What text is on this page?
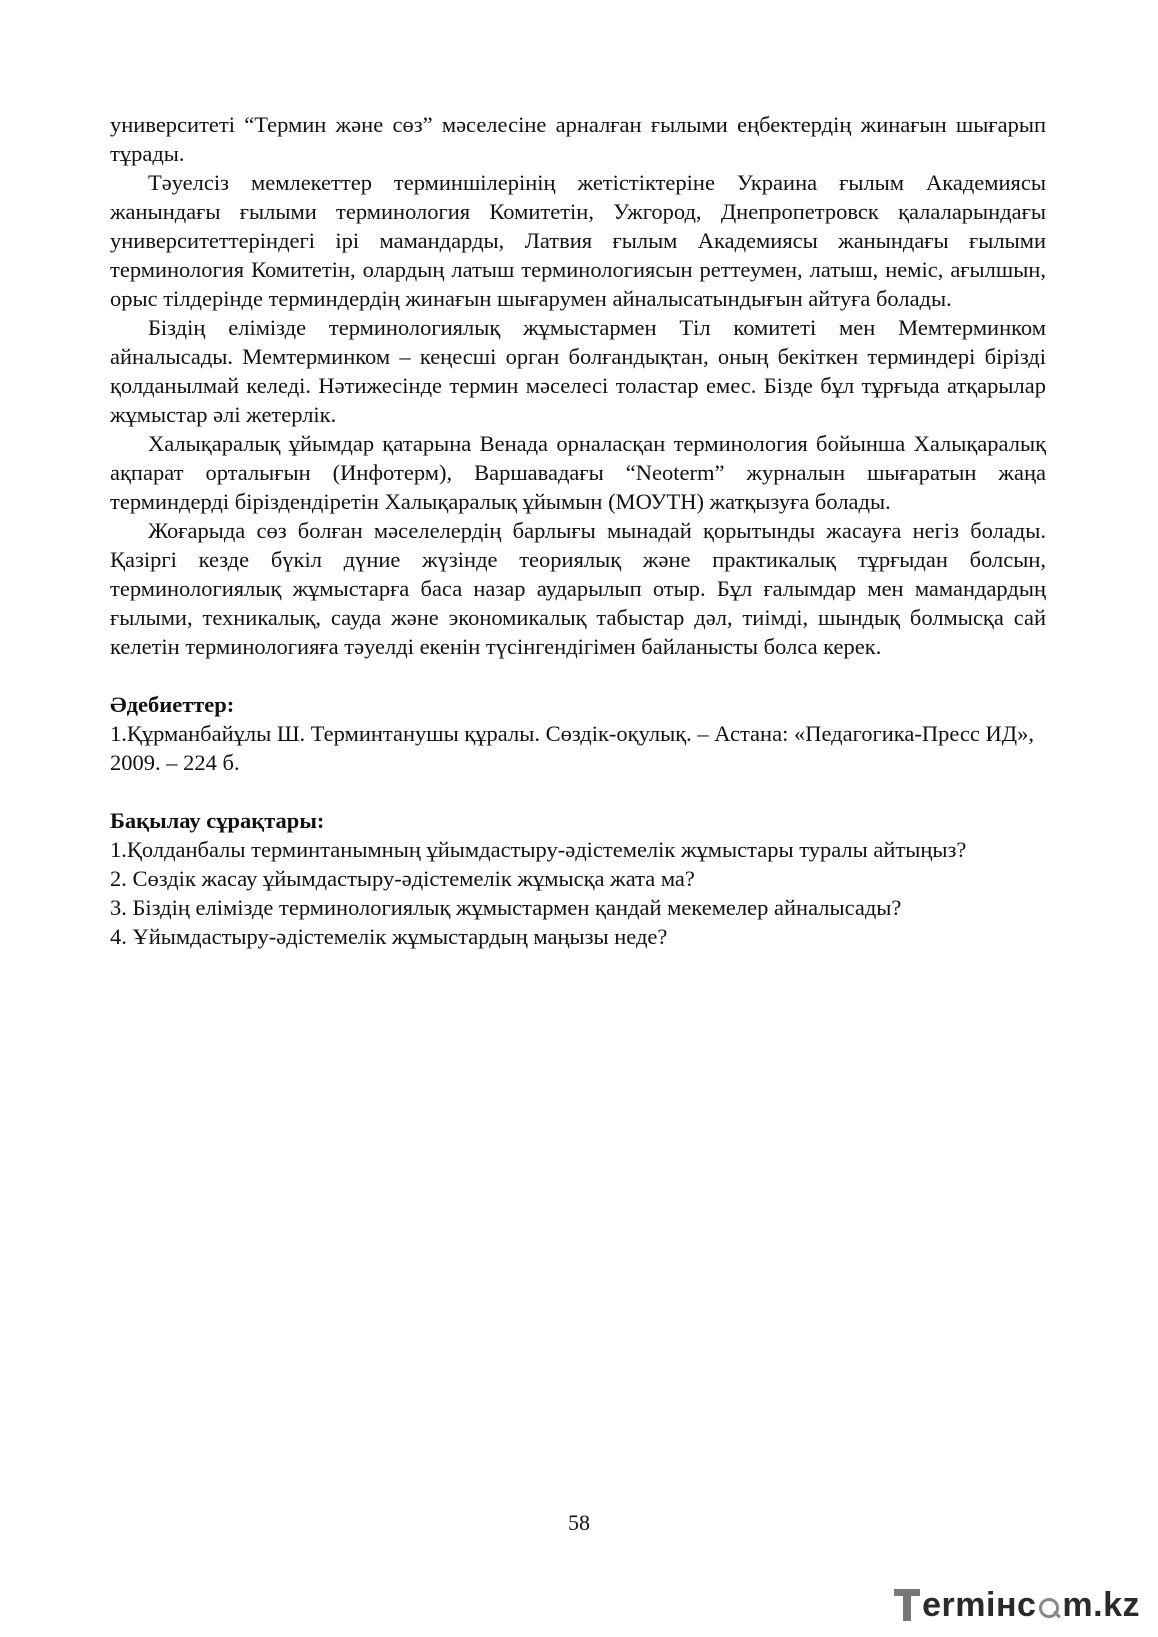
университеті “Термин және сөз” мәселесіне арналған ғылыми еңбектердің жинағын шығарып тұрады.

Тәуелсіз мемлекеттер терминшілерінің жетістіктеріне Украина ғылым Академиясы жанындағы ғылыми терминология Комитетін, Ужгород, Днепропетровск қалаларындағы университеттеріндегі ірі мамандарды, Латвия ғылым Академиясы жанындағы ғылыми терминология Комитетін, олардың латыш терминологиясын реттеумен, латыш, неміс, ағылшын, орыс тілдерінде терминдердің жинағын шығарумен айналысатындығын айтуға болады.

Біздің елімізде терминологиялық жұмыстармен Тіл комитеті мен Мемтерминком айналысады. Мемтерминком – кеңесші орган болғандықтан, оның бекіткен терминдері бірізді қолданылмай келеді. Нәтижесінде термин мәселесі толастар емес. Бізде бұл тұрғыда атқарылар жұмыстар әлі жетерлік.

Халықаралық ұйымдар қатарына Венада орналасқан терминология бойынша Халықаралық ақпарат орталығын (Инфотерм), Варшавадағы “Neoterm” журналын шығаратын жаңа терминдерді біріздендіретін Халықаралық ұйымын (МОУТН) жатқызуға болады.

Жоғарыда сөз болған мәселелердің барлығы мынадай қорытынды жасауға негіз болады. Қазіргі кезде бүкіл дүние жүзінде теориялық және практикалық тұрғыдан болсын, терминологиялық жұмыстарға баса назар аударылып отыр. Бұл ғалымдар мен мамандардың ғылыми, техникалық, сауда және экономикалық табыстар дәл, тиімді, шындық болмысқа сай келетін терминологияға тәуелді екенін түсінгендігімен байланысты болса керек.

Әдебиеттер:

1.Құрманбайұлы Ш. Терминтанушы құралы. Сөздік-оқулық. – Астана: «Педагогика-Пресс ИД», 2009. – 224 б.

Бақылау сұрақтары:

1.Қолданбалы терминтанымның ұйымдастыру-әдістемелік жұмыстары туралы айтыңыз?

2. Сөздік жасау ұйымдастыру-әдістемелік жұмысқа жата ма?

3. Біздің елімізде терминологиялық жұмыстармен қандай мекемелер айналысады?

4. Ұйымдастыру-әдістемелік жұмыстардың маңызы неде?

58
ermінc m.kz
